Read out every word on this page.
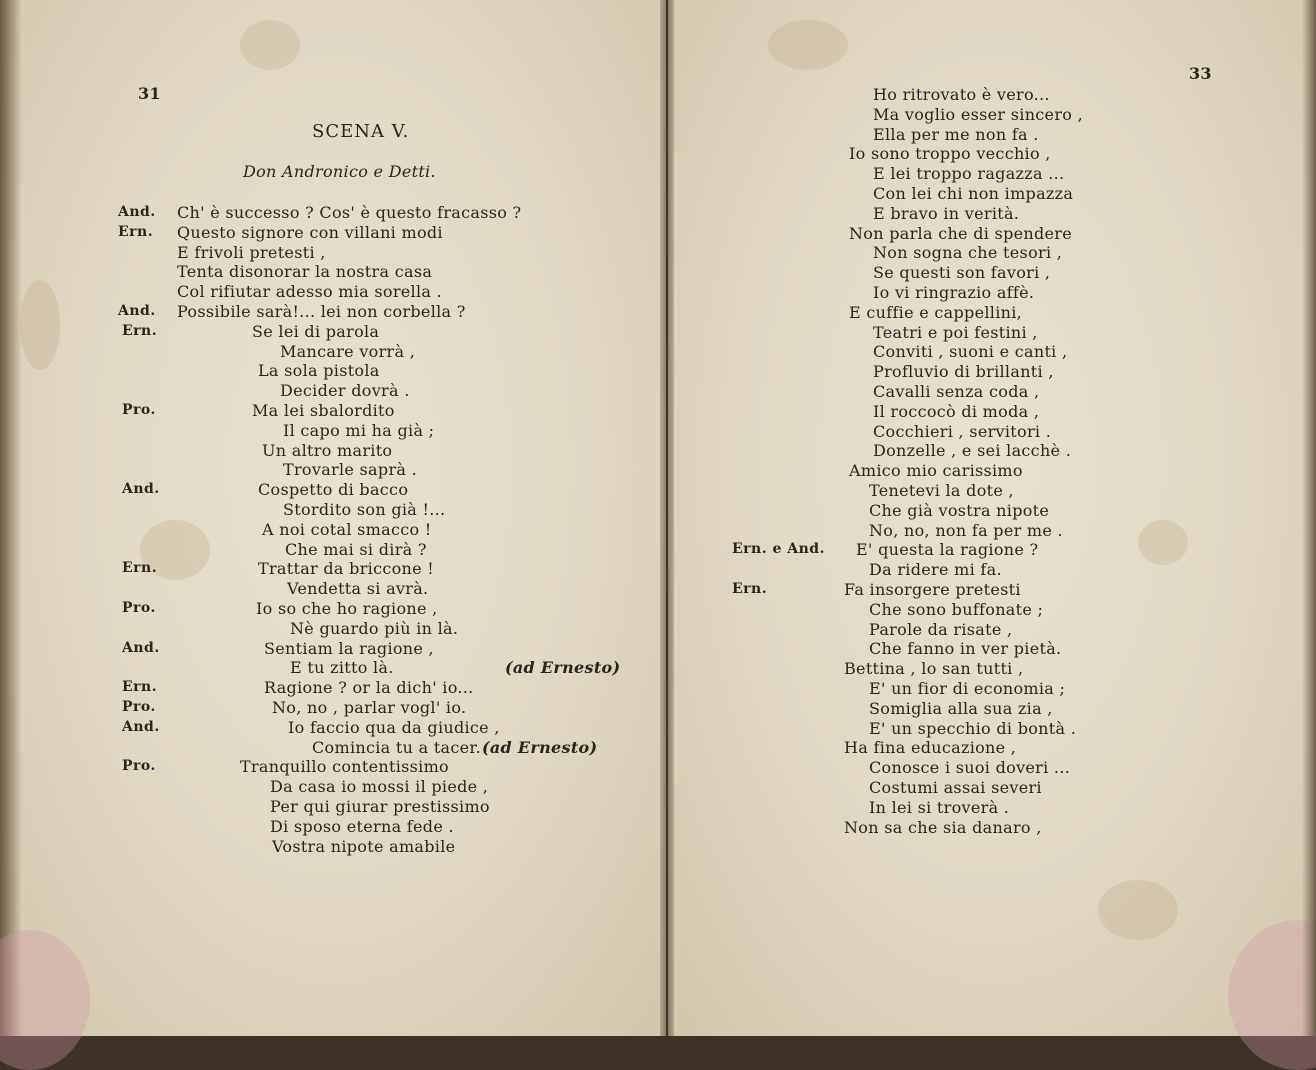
31
SCENA V.
Don Andronico e Detti.
And. Ch' è successo ? Cos' è questo fracasso ?
Ern. Questo signore con villani modi
E frivoli pretesti ,
Tenta disonorar la nostra casa
Col rifiutar adesso mia sorella .
And. Possibile sarà!... lei non corbella ?
Ern.	Se lei di parola
Mancare vorrà ,
La sola pistola
Decider dovrà .
Pro.	Ma lei sbalordito
Il capo mi ha già ;
Un altro marito
Trovarle saprà .
And.	Cospetto di bacco
Stordito son già !...
A noi cotal smacco !
Che mai si dirà ?
Ern.	Trattar da briccone !
Vendetta si avrà.
Pro.	Io so che ho ragione ,
Nè guardo più in là.
And.	Sentiam la ragione ,
E tu zitto là.	(ad Ernesto)
Ern.	Ragione ? or la dich' io...
Pro.	No, no , parlar vogl' io.
And.	Io faccio qua da giudice ,
Comincia tu a tacer. (ad Ernesto)
Pro.	Tranquillo contentissimo
Da casa io mossi il piede ,
Per qui giurar prestissimo
Di sposo eterna fede .
Vostra nipote amabile
33
Ho ritrovato è vero...
Ma voglio esser sincero ,
Ella per me non fa .
Io sono troppo vecchio ,
E lei troppo ragazza ...
Con lei chi non impazza
E bravo in verità.
Non parla che di spendere
Non sogna che tesori ,
Se questi son favori ,
Io vi ringrazio affè.
E cuffie e cappellini,
Teatri e poi festini ,
Conviti , suoni e canti ,
Profluvio di brillanti ,
Cavalli senza coda ,
Il roccocò di moda ,
Cocchieri , servitori .
Donzelle , e sei lacchè .
Amico mio carissimo
Tenetevi la dote ,
Che già vostra nipote
No, no, non fa per me .
Ern. e And. E' questa la ragione ?
Da ridere mi fa.
Ern.	Fa insorgere pretesti
Che sono buffonate ;
Parole da risate ,
Che fanno in ver pietà.
Bettina , lo san tutti ,
E' un fior di economia ;
Somiglia alla sua zia ,
E' un specchio di bontà .
Ha fina educazione ,
Conosce i suoi doveri ...
Costumi assai severi
In lei si troverà .
Non sa che sia danaro ,
